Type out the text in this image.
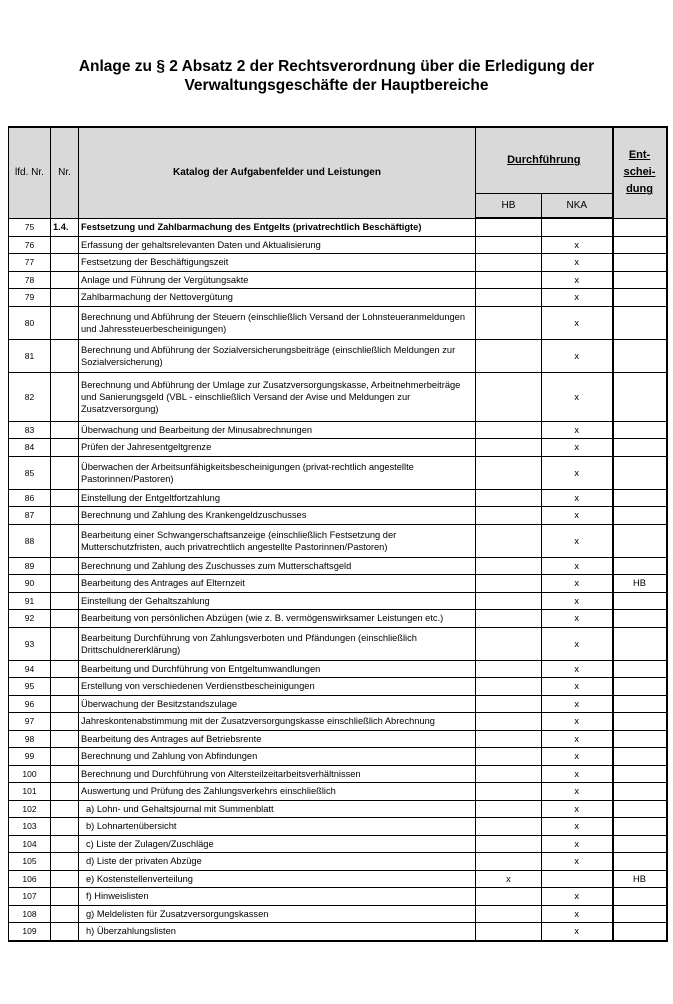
Anlage zu § 2 Absatz 2 der Rechtsverordnung über die Erledigung der
Verwaltungsgeschäfte der Hauptbereiche
lfd. Nr.	Nr.	Katalog der Aufgabenfelder und Leistungen	Durchführung		Ent-
schei-
dung

			HB	NKA	
75	1.4.	Festsetzung und Zahlbarmachung des Entgelts (privatrechtlich Beschäftigte)			
76		Erfassung der gehaltsrelevanten Daten und Aktualisierung		x	
77		Festsetzung der Beschäftigungszeit		x	
78		Anlage und Führung der Vergütungsakte		x	
79		Zahlbarmachung der Nettovergütung		x	
80		Berechnung und Abführung der Steuern (einschließlich Versand der Lohnsteueranmeldungen und Jahressteuerbescheinigungen)		x	
81		Berechnung und Abführung der Sozialversicherungsbeiträge (einschließlich Meldungen zur Sozialversicherung)		x	
82		Berechnung und Abführung der Umlage zur Zusatzversorgungskasse, Arbeitnehmerbeiträge und Sanierungsgeld (VBL - einschließlich Versand der Avise und Meldungen zur Zusatzversorgung)		x	
83		Überwachung und Bearbeitung der Minusabrechnungen		x	
84		Prüfen der Jahresentgeltgrenze		x	
85		Überwachen der Arbeitsunfähigkeitsbescheinigungen (privat-rechtlich angestellte Pastorinnen/Pastoren)		x	
86		Einstellung der Entgeltfortzahlung		x	
87		Berechnung und Zahlung des Krankengeldzuschusses		x	
88		Bearbeitung einer Schwangerschaftsanzeige (einschließlich Festsetzung der Mutterschutzfristen, auch privatrechtlich angestellte Pastorinnen/Pastoren)		x	
89		Berechnung und Zahlung des Zuschusses zum Mutterschaftsgeld		x	
90		Bearbeitung des Antrages auf Elternzeit		x	HB
91		Einstellung der Gehaltszahlung		x	
92		Bearbeitung von persönlichen Abzügen (wie z. B. vermögenswirksamer Leistungen etc.)		x	
93		Bearbeitung Durchführung von Zahlungsverboten und Pfändungen (einschließlich Drittschuldnererklärung)		x	
94		Bearbeitung und Durchführung von Entgeltumwandlungen		x	
95		Erstellung von verschiedenen Verdienstbescheinigungen		x	
96		Überwachung der Besitzstandszulage		x	
97		Jahreskontenabstimmung mit der Zusatzversorgungskasse einschließlich Abrechnung		x	
98		Bearbeitung des Antrages auf Betriebsrente		x	
99		Berechnung und Zahlung von Abfindungen		x	
100		Berechnung und Durchführung von Altersteilzeitarbeitsverhältnissen		x	
101		Auswertung und Prüfung des Zahlungsverkehrs einschließlich		x	
102		a) Lohn- und Gehaltsjournal mit Summenblatt		x	
103		b) Lohnartenübersicht		x	
104		c) Liste der Zulagen/Zuschläge		x	
105		d) Liste der privaten Abzüge		x	
106		e) Kostenstellenverteilung	x		HB
107		f) Hinweislisten		x	
108		g) Meldelisten für Zusatzversorgungskassen		x	
109		h) Überzahlungslisten		x	
